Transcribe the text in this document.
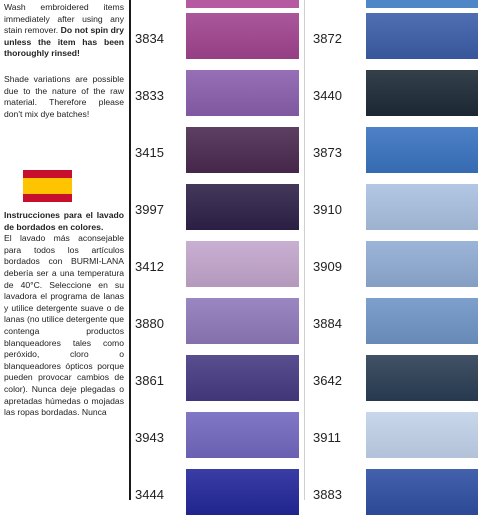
Wash embroidered items immediately after using any stain remover. Do not spin dry unless the item has been thoroughly rinsed!
Shade variations are possible due to the nature of the raw material. Therefore please don't mix dye batches!
Instrucciones para el lavado de bordados en colores.
El lavado más aconsejable para todos los artículos bordados con BURMI-LANA debería ser a una temperatura de 40°C. Seleccione en su lavadora el programa de lanas y utilice detergente suave o de lanas (no utilice detergente que contenga productos blanqueadores tales como peróxido, cloro o blanqueadores ópticos porque pueden provocar cambios de color). Nunca deje plegadas o apretadas húmedas o mojadas las ropas bordadas. Nunca
3834
3833
3415
3997
3412
3880
3861
3943
3444
3872
3440
3873
3910
3909
3884
3642
3911
3883
